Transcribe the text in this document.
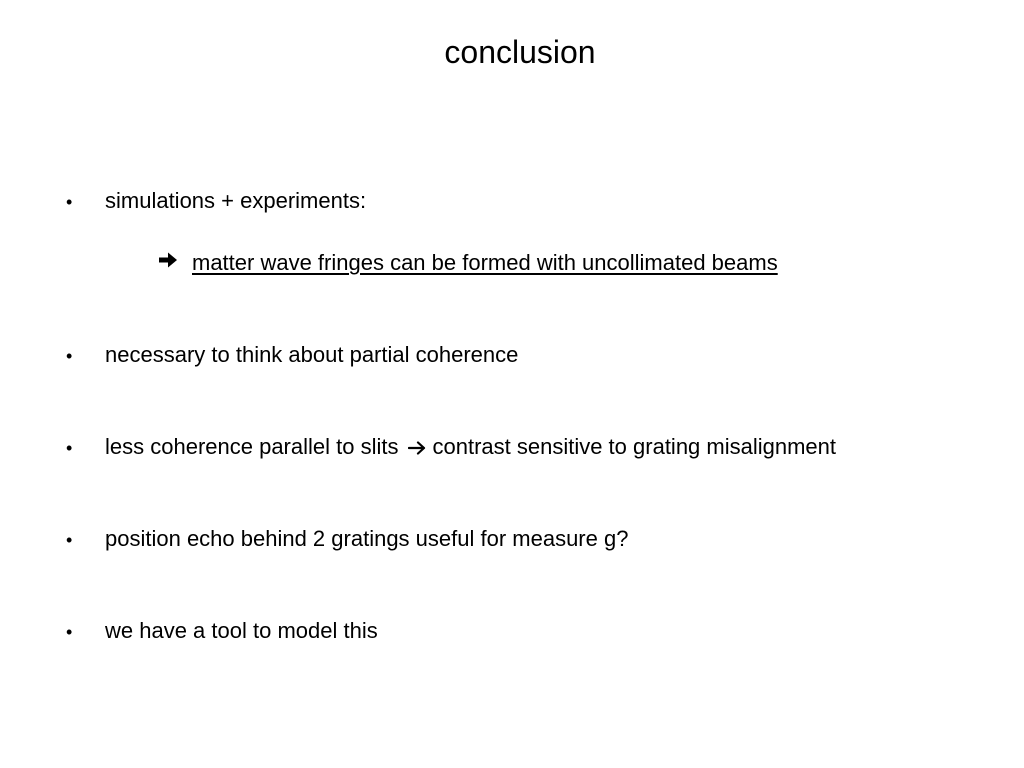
conclusion
• simulations + experiments:
matter wave fringes can be formed with uncollimated beams
• necessary to think about partial coherence
• less coherence parallel to slits contrast sensitive to grating misalignment
• position echo behind 2 gratings useful for measure g?
• we have a tool to model this
